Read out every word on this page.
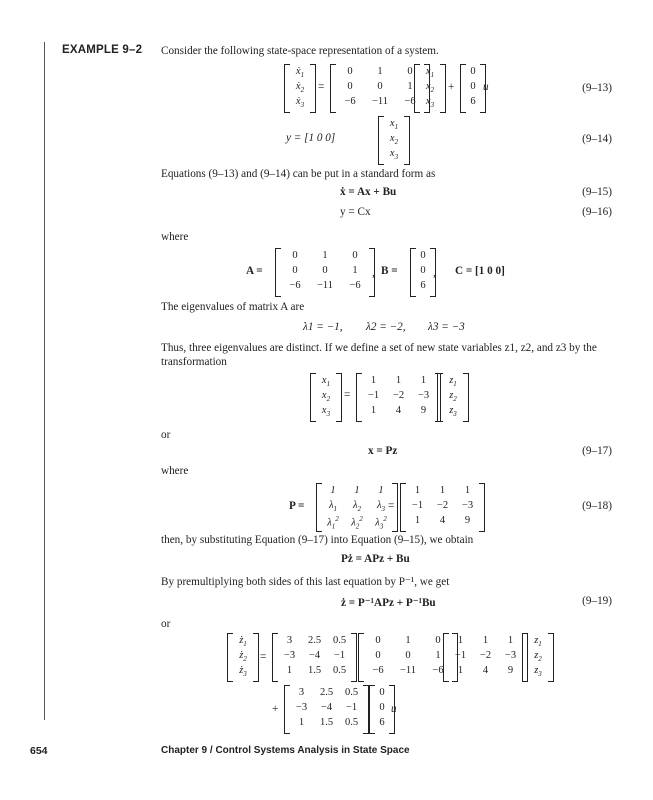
EXAMPLE 9–2 Consider the following state-space representation of a system.
ẋ$_1$
ẋ$_2$
ẋ$_3$
=
0	1	0
0	0	1
−6	−11	−6
$x_1$
$x_2$
$x_3$
+
0
0
6
u	(9–13)
y = [1 0 0]
$x_1$
$x_2$
$x_3$
(9–14)
Equations (9–13) and (9–14) can be put in a standard form as
ẋ = Ax + Bu	(9–15)
y = Cx	(9–16)
where
A =
0	1	0
0	0	1
−6	−11	−6
, B =
0
0
6
, C = [1 0 0]
The eigenvalues of matrix A are
λ1 = −1, λ2 = −2, λ3 = −3
Thus, three eigenvalues are distinct. If we define a set of new state variables z1, z2, and z3 by the transformation
$x_1$
$x_2$
$x_3$
=
1	1	1
−1	−2	−3
1	4	9
$z_1$
$z_2$
$z_3$
or
x = Pz	(9–17)
where
P =
1	1	1
$\lambda_1$	$\lambda_2$	$\lambda_3$
$\lambda_1^2$	$\lambda_2^2$	$\lambda_3^2$
=
1	1	1
−1	−2	−3
1	4	9
(9–18)
then, by substituting Equation (9–17) into Equation (9–15), we obtain
Pż = APz + Bu
By premultiplying both sides of this last equation by P⁻¹, we get
ż = P⁻¹APz + P⁻¹Bu	(9–19)
or
$ż_1$
$ż_2$
$ż_3$
=
3	2.5	0.5
−3	−4	−1
1	1.5	0.5
0	1	0
0	0	1
−6	−11	−6
1	1	1
−1	−2	−3
1	4	9
$z_1$
$z_2$
$z_3$
+
3	2.5	0.5
−3	−4	−1
1	1.5	0.5
0
0
6
u
654	Chapter 9 / Control Systems Analysis in State Space
